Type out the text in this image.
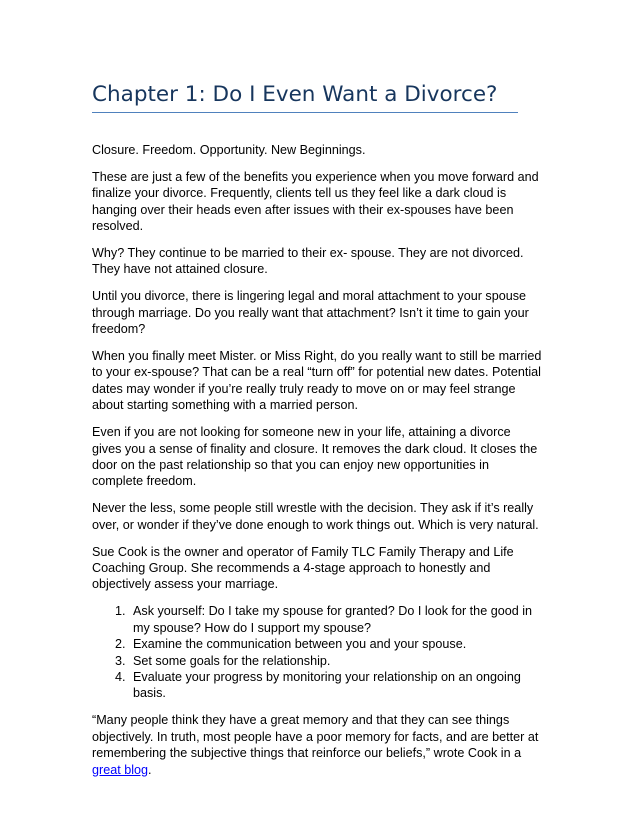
Chapter 1: Do I Even Want a Divorce?

Closure. Freedom. Opportunity. New Beginnings.

These are just a few of the benefits you experience when you move forward and finalize your divorce. Frequently, clients tell us they feel like a dark cloud is hanging over their heads even after issues with their ex-spouses have been resolved.

Why? They continue to be married to their ex- spouse. They are not divorced. They have not attained closure.

Until you divorce, there is lingering legal and moral attachment to your spouse through marriage. Do you really want that attachment? Isn’t it time to gain your freedom?

When you finally meet Mister. or Miss Right, do you really want to still be married to your ex-spouse? That can be a real “turn off” for potential new dates. Potential dates may wonder if you’re really truly ready to move on or may feel strange about starting something with a married person.

Even if you are not looking for someone new in your life, attaining a divorce gives you a sense of finality and closure. It removes the dark cloud. It closes the door on the past relationship so that you can enjoy new opportunities in complete freedom.

Never the less, some people still wrestle with the decision. They ask if it’s really over, or wonder if they’ve done enough to work things out. Which is very natural.

Sue Cook is the owner and operator of Family TLC Family Therapy and Life Coaching Group. She recommends a 4-stage approach to honestly and objectively assess your marriage.

1. Ask yourself: Do I take my spouse for granted? Do I look for the good in my spouse? How do I support my spouse?
2. Examine the communication between you and your spouse.
3. Set some goals for the relationship.
4. Evaluate your progress by monitoring your relationship on an ongoing basis.

“Many people think they have a great memory and that they can see things objectively. In truth, most people have a poor memory for facts, and are better at remembering the subjective things that reinforce our beliefs,” wrote Cook in a great blog.
